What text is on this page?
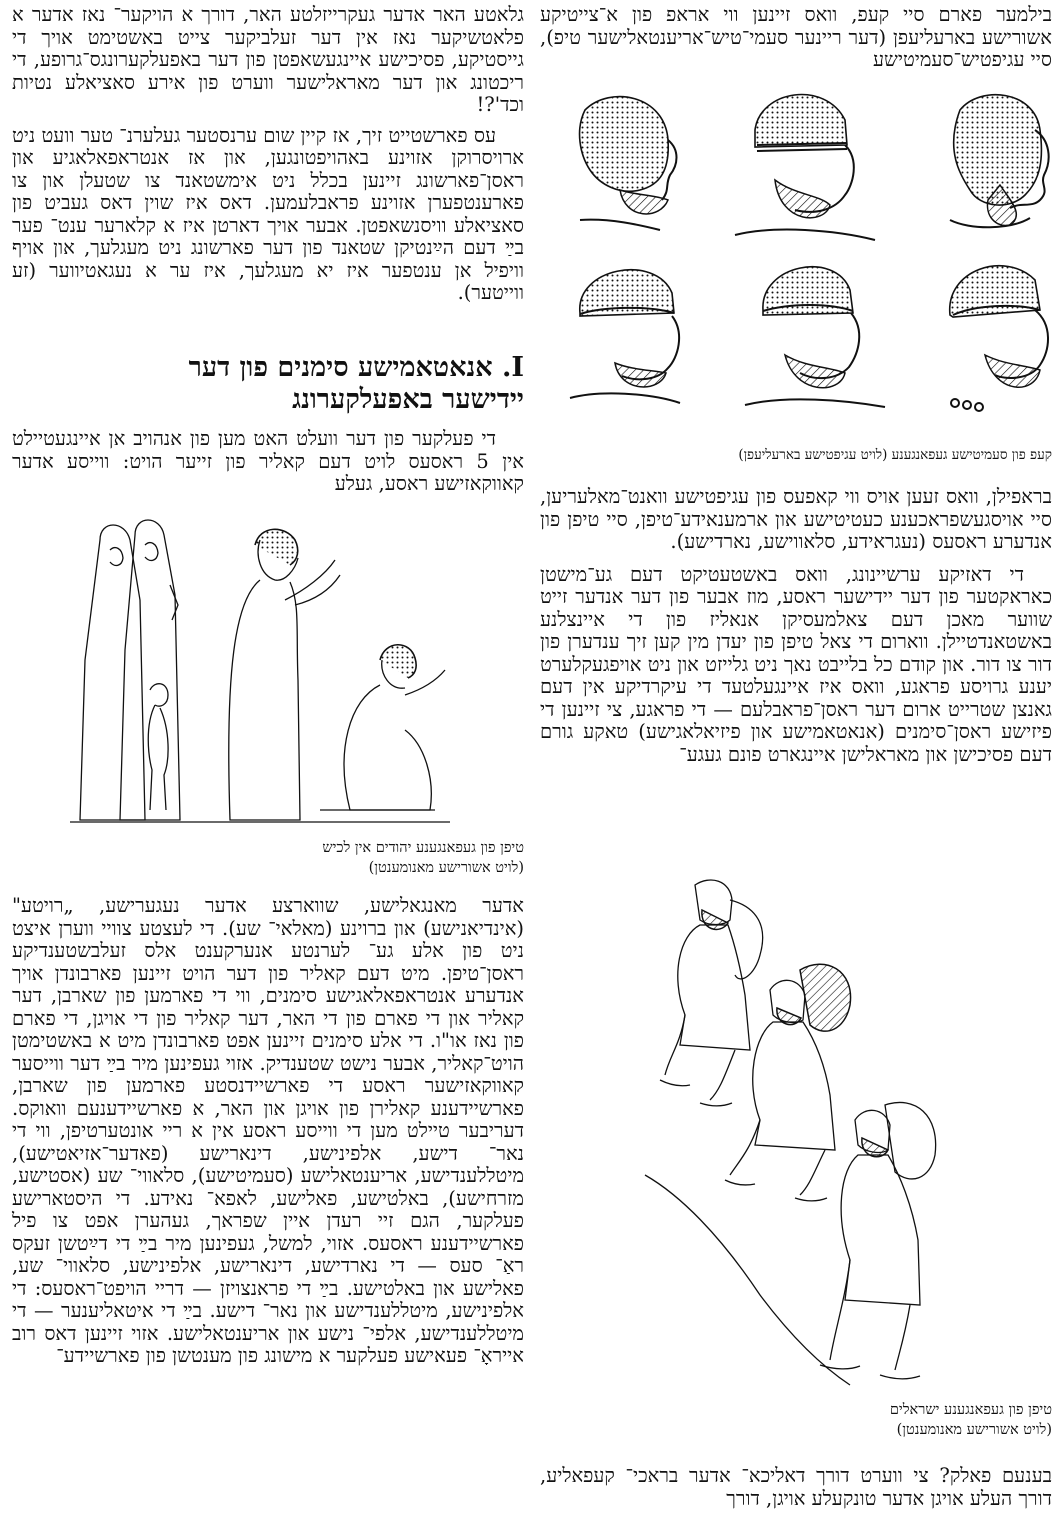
בילמער פארם סיי קעפ, וואס זיינען ווי אראפ פון א־צייטיקע אשורישע בארעליעפן (דער ריינער סעמי־טיש־אריענטאלישער טיפ), סיי עגיפטיש־סעמיטישע

קעפ פון סעמיטישע געפאנגענע (לויט עגיפטישע בארעליעפן)

בראפילן, וואס זעען אויס ווי קאפעס פון עגיפטישע וואנט־מאלעריען, סיי אויסגעשפראכענע כעטיטישע און ארמענאידע־טיפן, סיי טיפן פון אנדערע ראסעס (נעגראידע, סלאווישע, נארדישע).

די דאזיקע ערשיינונג, וואס באשטעטיקט דעם גע־מישטן כאראקטער פון דער יידישער ראסע, מוז אבער פון דער אנדער זייט שווער מאכן דעם צאלמעסיקן אנאליז פון די איינצלנע באשטאנדטיילן. ווארום די צאל טיפן פון יעדן מין קען זיך ענדערן פון דור צו דור. און קודם כל בלייבט נאך ניט גלייזט און ניט אויפגעקלערט יענע גרויסע פראגע, וואס איז איינגעלטעד די עיקרדיקע אין דעם גאנצן שטרייט ארום דער ראסן־פראבלעם — די פראגע, צי זיינען די פיזישע ראסן־סימנים (אנאטאמישע און פיזיאלאגישע) טאקע גורם דעם פסיכישן און מאראלישן איינגארט פונם געגע־

טיפן פון געפאנגענע ישראלים

(לויט אשורישע מאנומענטן)

בענעם פאלק? צי ווערט דורך דאליכא־ אדער בראכי־ קעפאליע, דורך העלע אויגן אדער טונקעלע אויגן, דורך

גלאטע האר אדער געקרייזלטע האר, דורך א הויקער־ נאז אדער א פלאטשיקער נאז אין דער זעלביקער צייט באשטימט אויך די גייסטיקע, פסיכישע איינגעשאפטן פון דער באפעלקערונגס־גרופע, די ריכטונג און דער מאראלישער ווערט פון אירע סאציאלע נטיות וכד'?!

עס פארשטייט זיך, אז קיין שום ערנסטער געלערנ־ טער וועט ניט ארויסרוקן אזוינע באהויפטונגען, און אז אנטראפאלאגיע און ראסן־פארשונג זיינען בכלל ניט אימשטאנד צו שטעלן און צו פארענטפערן אזוינע פראבלעמען. דאס איז שוין דאס געביט פון סאציאלע וויסנשאפטן. אבער אויך דארטן איז א קלארער ענט־ פער בײַ דעם הײַנטיקן שטאנד פון דער פארשונג ניט מעגלעך, און אויף וויפיל אן ענטפער איז יא מעגלעך, איז ער א נעגאטיווער (זע ווייטער).

I. אנאטאמישע סימנים פון דער

יידישער באפעלקערונג

די פעלקער פון דער וועלט האט מען פון אנהויב אן איינגעטיילט אין 5 ראסעס לויט דעם קאליר פון זייער הויט: ווייסע אדער קאווקאזישע ראסע, געלע

טיפן פון געפאנגענע יהודים אין לכיש

(לויט אשורישע מאנומענטן)

אדער מאנגאלישע, שווארצע אדער נעגערישע, „רויטע" (אינדיאנישע) און ברוינע (מאלאי־ שע). די לעצטע צוויי ווערן איצט ניט פון אלע גע־ לערנטע אנערקענט אלס זעלבשטענדיקע ראסן־טיפן. מיט דעם קאליר פון דער הויט זיינען פארבונדן אויך אנדערע אנטראפאלאגישע סימנים, ווי די פארמען פון שארבן, דער קאליר און די פארם פון די האר, דער קאליר פון די אויגן, די פארם פון נאז או"ו. די אלע סימנים זיינען אפט פארבונדן מיט א באשטימטן הויט־קאליר, אבער נישט שטענדיק. אזוי געפינען מיר בײַ דער ווייסער קאווקאזישער ראסע די פארשיידנסטע פארמען פון שארבן, פארשיידענע קאלירן פון אויגן און האר, א פארשיידענעם וואוקס. דעריבער טיילט מען די ווייסע ראסע אין א ריי אונטערטיפן, ווי די נאר־ דישע, אלפינישע, דינארישע (פאדער־אזיאטישע), מיטללענדישע, אריענטאלישע (סעמיטישע), סלאווי־ שע (אסטישע, מזרחישע), באלטישע, פאלישע, לאפא־ נאידע. די היסטארישע פעלקער, הגם זיי רעדן איין שפראך, געהערן אפט צו פיל פארשיידענע ראסעס. אזוי, למשל, געפינען מיר בײַ די דײַטשן זעקס ראַ־ סעס — די נארדישע, דינארישע, אלפינישע, סלאווי־ שע, פאלישע און באלטישע. בײַ די פראנצויזן — דריי הויפט־ראסעס: די אלפינישע, מיטללענדישע און נאר־ דישע. בײַ די איטאליענער — די מיטללענדישע, אלפי־ נישע און אריענטאלישע. אזוי זיינען דאס רוב אייראָ־ פעאישע פעלקער א מישונג פון מענטשן פון פארשיידע־
